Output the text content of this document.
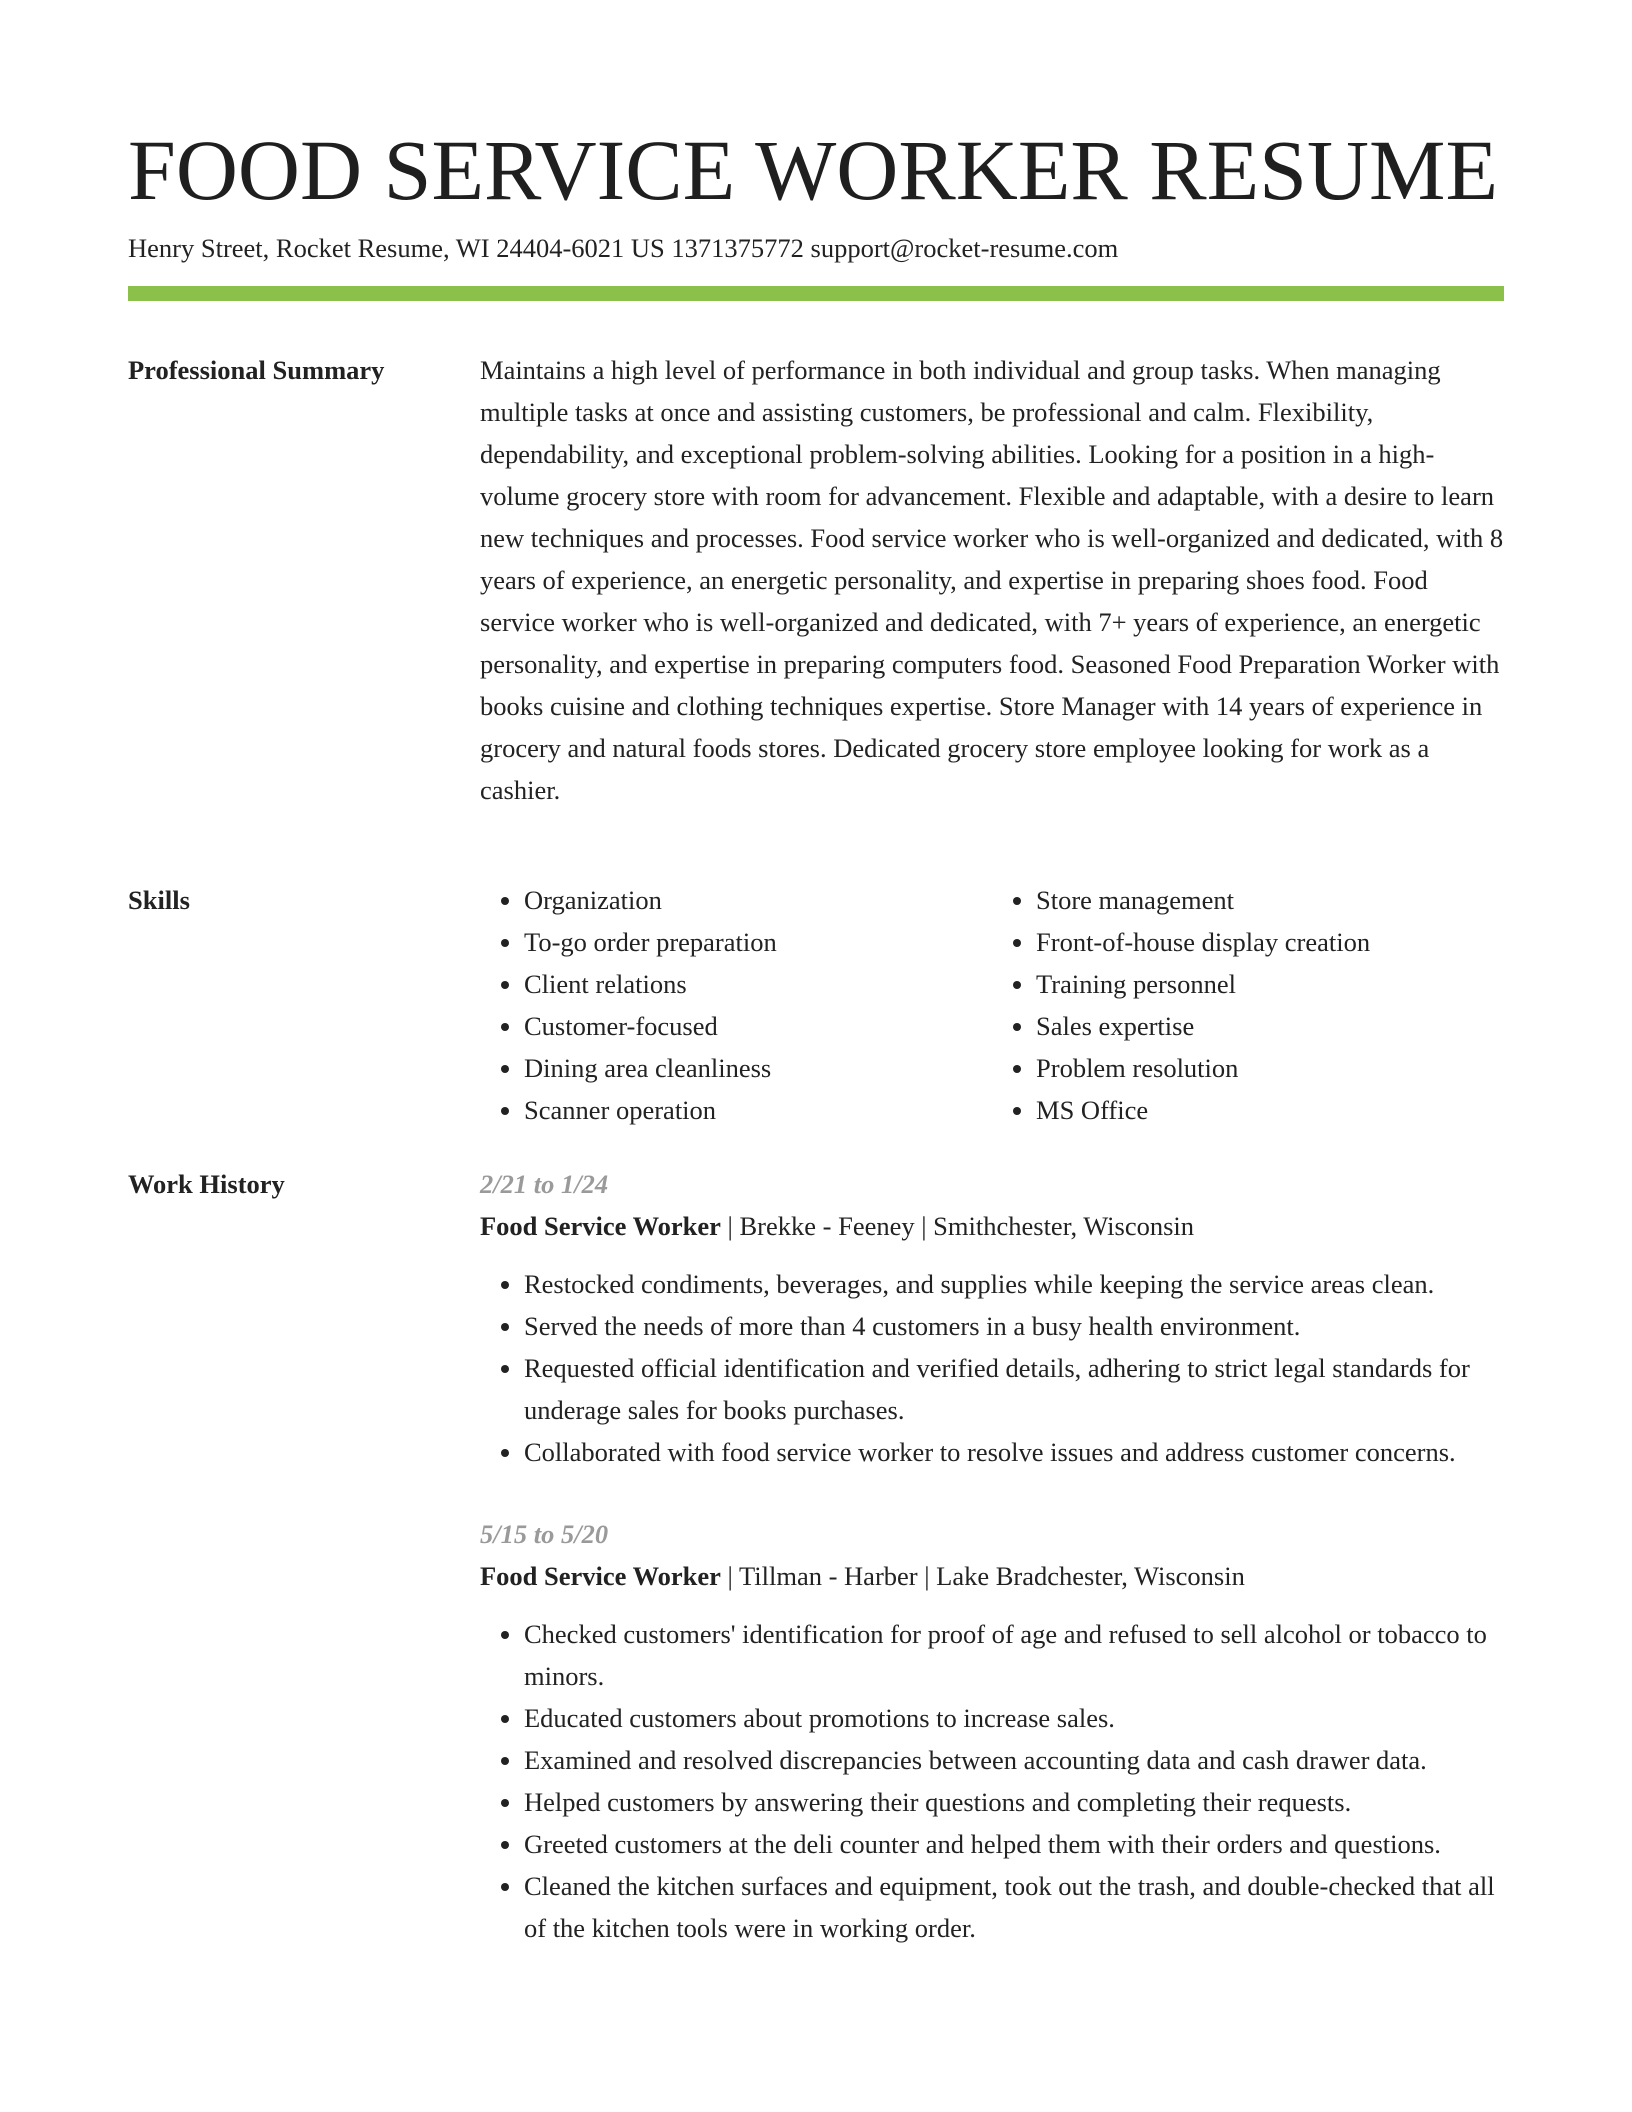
FOOD SERVICE WORKER RESUME
Henry Street, Rocket Resume, WI 24404-6021 US 1371375772 support@rocket-resume.com
Professional Summary	Maintains a high level of performance in both individual and group tasks. When managing multiple tasks at once and assisting customers, be professional and calm. Flexibility, dependability, and exceptional problem-solving abilities. Looking for a position in a high-volume grocery store with room for advancement. Flexible and adaptable, with a desire to learn new techniques and processes. Food service worker who is well-organized and dedicated, with 8 years of experience, an energetic personality, and expertise in preparing shoes food. Food service worker who is well-organized and dedicated, with 7+ years of experience, an energetic personality, and expertise in preparing computers food. Seasoned Food Preparation Worker with books cuisine and clothing techniques expertise. Store Manager with 14 years of experience in grocery and natural foods stores. Dedicated grocery store employee looking for work as a cashier.

Skills
•	Organization
• To-go order preparation
• Client relations
• Customer-focused
• Dining area cleanliness
• Scanner operation
• Store management
• Front-of-house display creation
• Training personnel
• Sales expertise
• Problem resolution
• MS Office
Work History	2/21 to 1/24

Food Service Worker | Brekke - Feeney | Smithchester, Wisconsin

• Restocked condiments, beverages, and supplies while keeping the service areas clean.
• Served the needs of more than 4 customers in a busy health environment.
• Requested official identification and verified details, adhering to strict legal standards for underage sales for books purchases.
• Collaborated with food service worker to resolve issues and address customer concerns.

5/15 to 5/20

Food Service Worker | Tillman - Harber | Lake Bradchester, Wisconsin

• Checked customers' identification for proof of age and refused to sell alcohol or tobacco to minors.
• Educated customers about promotions to increase sales.
• Examined and resolved discrepancies between accounting data and cash drawer data.
• Helped customers by answering their questions and completing their requests.
• Greeted customers at the deli counter and helped them with their orders and questions.
• Cleaned the kitchen surfaces and equipment, took out the trash, and double-checked that all of the kitchen tools were in working order.
